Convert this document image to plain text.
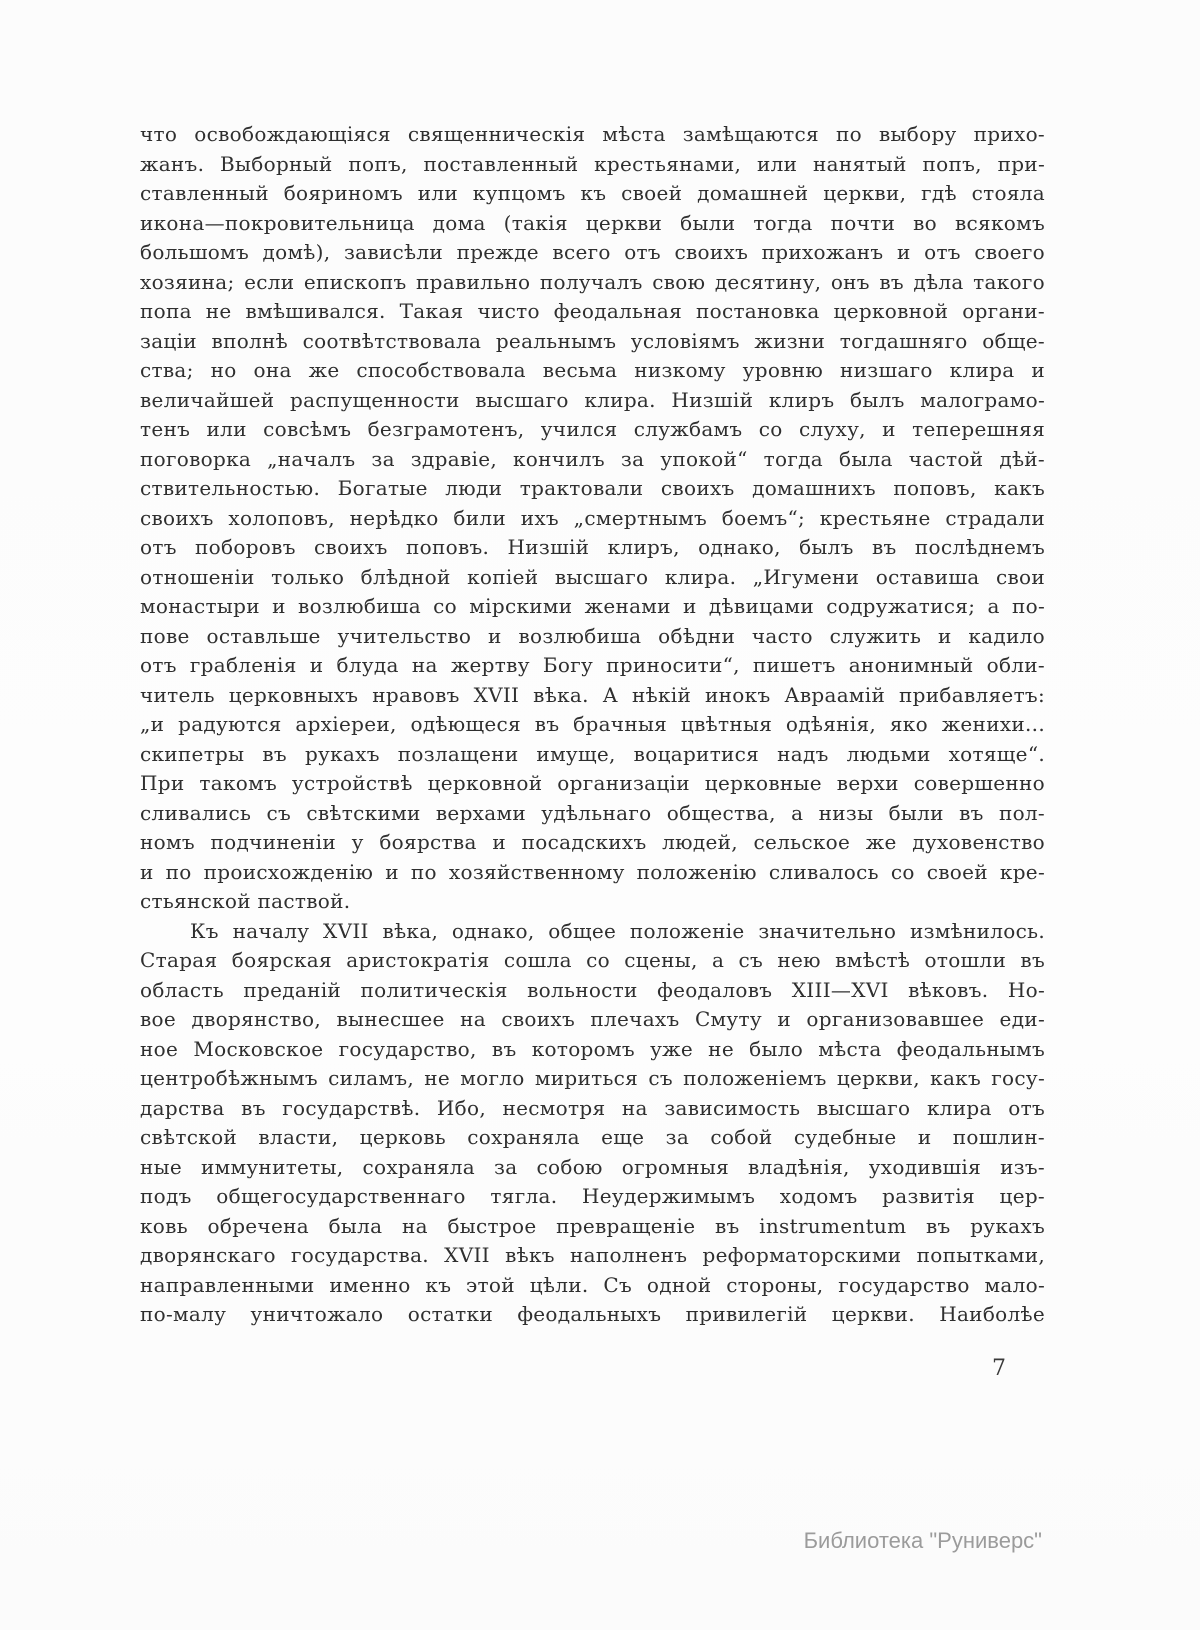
что освобождающіяся священническія мѣста замѣщаются по выбору прихо-
жанъ. Выборный попъ, поставленный крестьянами, или нанятый попъ, при-
ставленный бояриномъ или купцомъ къ своей домашней церкви, гдѣ стояла
икона—покровительница дома (такія церкви были тогда почти во всякомъ
большомъ домѣ), зависѣли прежде всего отъ своихъ прихожанъ и отъ своего
хозяина; если епископъ правильно получалъ свою десятину, онъ въ дѣла такого
попа не вмѣшивался. Такая чисто феодальная постановка церковной органи-
заціи вполнѣ соотвѣтствовала реальнымъ условіямъ жизни тогдашняго обще-
ства; но она же способствовала весьма низкому уровню низшаго клира и
величайшей распущенности высшаго клира. Низшій клиръ былъ малограмо-
тенъ или совсѣмъ безграмотенъ, учился службамъ со слуху, и теперешняя
поговорка „началъ за здравіе, кончилъ за упокой“ тогда была частой дѣй-
ствительностью. Богатые люди трактовали своихъ домашнихъ поповъ, какъ
своихъ холоповъ, нерѣдко били ихъ „смертнымъ боемъ“; крестьяне страдали
отъ поборовъ своихъ поповъ. Низшій клиръ, однако, былъ въ послѣднемъ
отношеніи только блѣдной копіей высшаго клира. „Игумени оставиша свои
монастыри и возлюбиша со мірскими женами и дѣвицами содружатися; а по-
пове оставльше учительство и возлюбиша обѣдни часто служить и кадило
отъ грабленія и блуда на жертву Богу приносити“, пишетъ анонимный обли-
читель церковныхъ нравовъ XVII вѣка. А нѣкій инокъ Авраамій прибавляетъ:
„и радуются архіереи, одѣющеся въ брачныя цвѣтныя одѣянія, яко женихи...
скипетры въ рукахъ позлащени имуще, воцаритися надъ людьми хотяще“.
При такомъ устройствѣ церковной организаціи церковные верхи совершенно
сливались съ свѣтскими верхами удѣльнаго общества, а низы были въ пол-
номъ подчиненіи у боярства и посадскихъ людей, сельское же духовенство
и по происхожденію и по хозяйственному положенію сливалось со своей кре-
стьянской паствой.
Къ началу XVII вѣка, однако, общее положеніе значительно измѣнилось.
Старая боярская аристократія сошла со сцены, а съ нею вмѣстѣ отошли въ
область преданій политическія вольности феодаловъ XIII—XVI вѣковъ. Но-
вое дворянство, вынесшее на своихъ плечахъ Смуту и организовавшее еди-
ное Московское государство, въ которомъ уже не было мѣста феодальнымъ
центробѣжнымъ силамъ, не могло мириться съ положеніемъ церкви, какъ госу-
дарства въ государствѣ. Ибо, несмотря на зависимость высшаго клира отъ
свѣтской власти, церковь сохраняла еще за собой судебные и пошлин-
ные иммунитеты, сохраняла за собою огромныя владѣнія, уходившія изъ-
подъ общегосударственнаго тягла. Неудержимымъ ходомъ развитія цер-
ковь обречена была на быстрое превращеніе въ instrumentum въ рукахъ
дворянскаго государства. XVII вѣкъ наполненъ реформаторскими попытками,
направленными именно къ этой цѣли. Съ одной стороны, государство мало-
по-малу уничтожало остатки феодальныхъ привилегій церкви. Наиболѣе
7
Библиотека "Руниверс"
